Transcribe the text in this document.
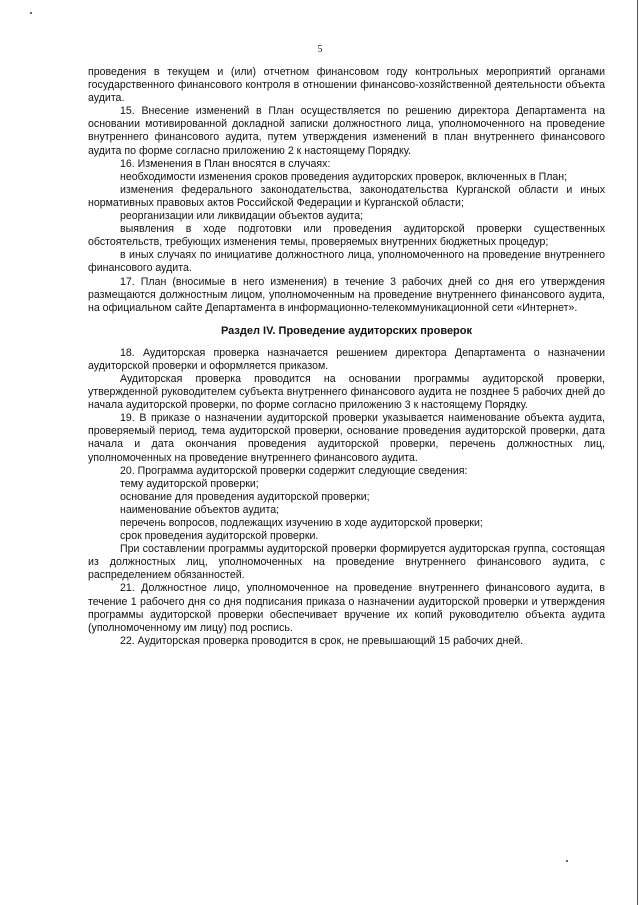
5

проведения в текущем и (или) отчетном финансовом году контрольных мероприятий органами государственного финансового контроля в отношении финансово-хозяйственной деятельности объекта аудита.

15. Внесение изменений в План осуществляется по решению директора Департамента на основании мотивированной докладной записки должностного лица, уполномоченного на проведение внутреннего финансового аудита, путем утверждения изменений в план внутреннего финансового аудита по форме согласно приложению 2 к настоящему Порядку.

16. Изменения в План вносятся в случаях:

необходимости изменения сроков проведения аудиторских проверок, включенных в План;

изменения федерального законодательства, законодательства Курганской области и иных нормативных правовых актов Российской Федерации и Курганской области;

реорганизации или ликвидации объектов аудита;

выявления в ходе подготовки или проведения аудиторской проверки существенных обстоятельств, требующих изменения темы, проверяемых внутренних бюджетных процедур;

в иных случаях по инициативе должностного лица, уполномоченного на проведение внутреннего финансового аудита.

17. План (вносимые в него изменения) в течение 3 рабочих дней со дня его утверждения размещаются должностным лицом, уполномоченным на проведение внутреннего финансового аудита, на официальном сайте Департамента в информационно-телекоммуникационной сети «Интернет».

Раздел IV. Проведение аудиторских проверок

18. Аудиторская проверка назначается решением директора Департамента о назначении аудиторской проверки и оформляется приказом.

Аудиторская проверка проводится на основании программы аудиторской проверки, утвержденной руководителем субъекта внутреннего финансового аудита не позднее 5 рабочих дней до начала аудиторской проверки, по форме согласно приложению 3 к настоящему Порядку.

19. В приказе о назначении аудиторской проверки указывается наименование объекта аудита, проверяемый период, тема аудиторской проверки, основание проведения аудиторской проверки, дата начала и дата окончания проведения аудиторской проверки, перечень должностных лиц, уполномоченных на проведение внутреннего финансового аудита.

20. Программа аудиторской проверки содержит следующие сведения:

тему аудиторской проверки;

основание для проведения аудиторской проверки;

наименование объектов аудита;

перечень вопросов, подлежащих изучению в ходе аудиторской проверки;

срок проведения аудиторской проверки.

При составлении программы аудиторской проверки формируется аудиторская группа, состоящая из должностных лиц, уполномоченных на проведение внутреннего финансового аудита, с распределением обязанностей.

21. Должностное лицо, уполномоченное на проведение внутреннего финансового аудита, в течение 1 рабочего дня со дня подписания приказа о назначении аудиторской проверки и утверждения программы аудиторской проверки обеспечивает вручение их копий руководителю объекта аудита (уполномоченному им лицу) под роспись.

22. Аудиторская проверка проводится в срок, не превышающий 15 рабочих дней.
